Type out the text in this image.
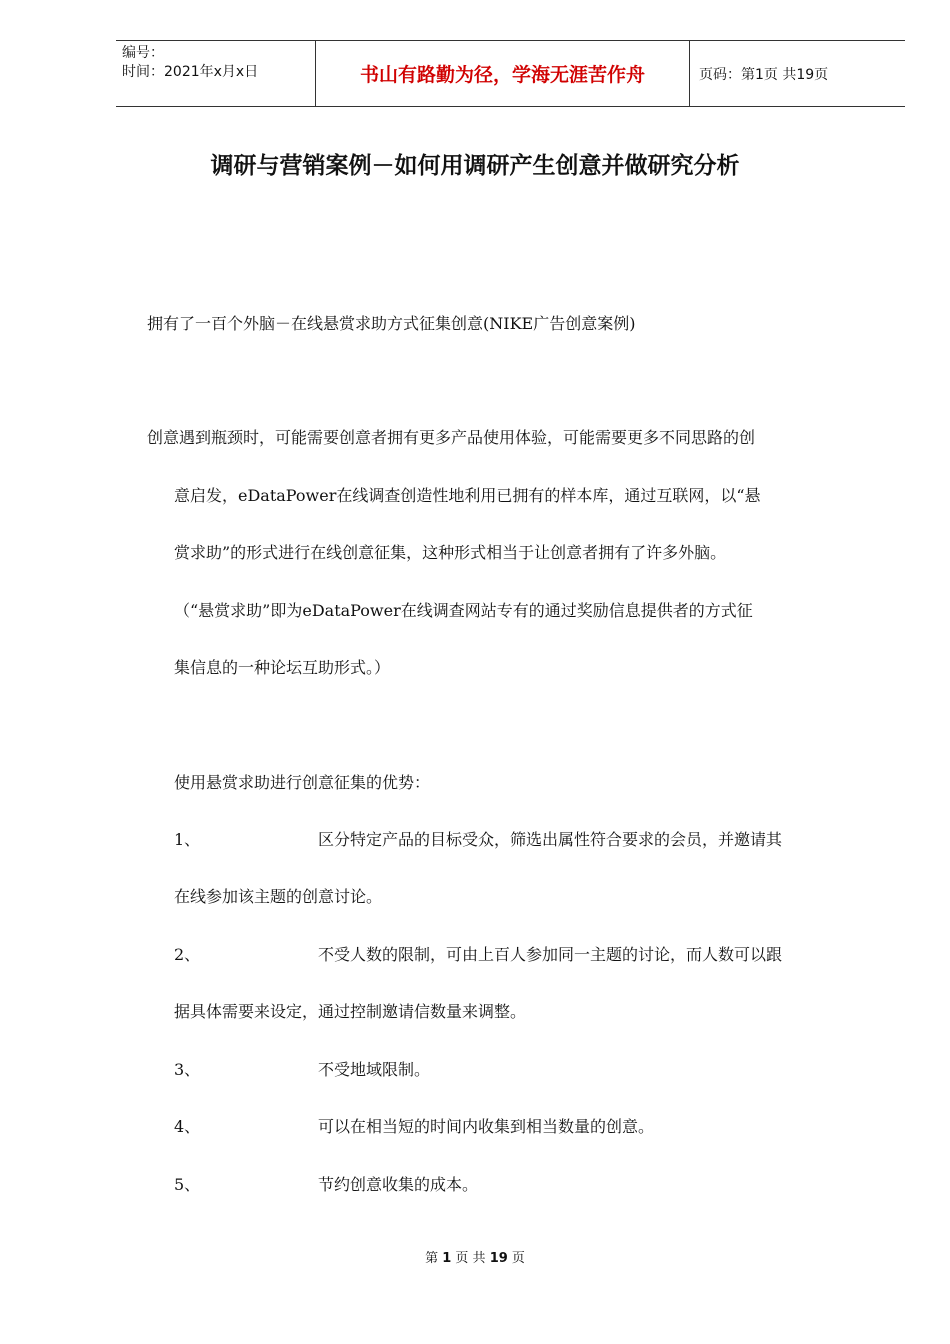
编号：
时间：2021年x月x日	书山有路勤为径，学海无涯苦作舟	页码：第1页 共19页
调研与营销案例－如何用调研产生创意并做研究分析
拥有了一百个外脑－在线悬赏求助方式征集创意(NIKE广告创意案例)
创意遇到瓶颈时，可能需要创意者拥有更多产品使用体验，可能需要更多不同思路的创
意启发，eDataPower在线调查创造性地利用已拥有的样本库，通过互联网，以“悬
赏求助”的形式进行在线创意征集，这种形式相当于让创意者拥有了许多外脑。
（“悬赏求助”即为eDataPower在线调查网站专有的通过奖励信息提供者的方式征
集信息的一种论坛互助形式。）
使用悬赏求助进行创意征集的优势：
1、	区分特定产品的目标受众，筛选出属性符合要求的会员，并邀请其
在线参加该主题的创意讨论。
2、	不受人数的限制，可由上百人参加同一主题的讨论，而人数可以跟
据具体需要来设定，通过控制邀请信数量来调整。
3、	不受地域限制。
4、	可以在相当短的时间内收集到相当数量的创意。
5、	节约创意收集的成本。
第 1 页 共 19 页
